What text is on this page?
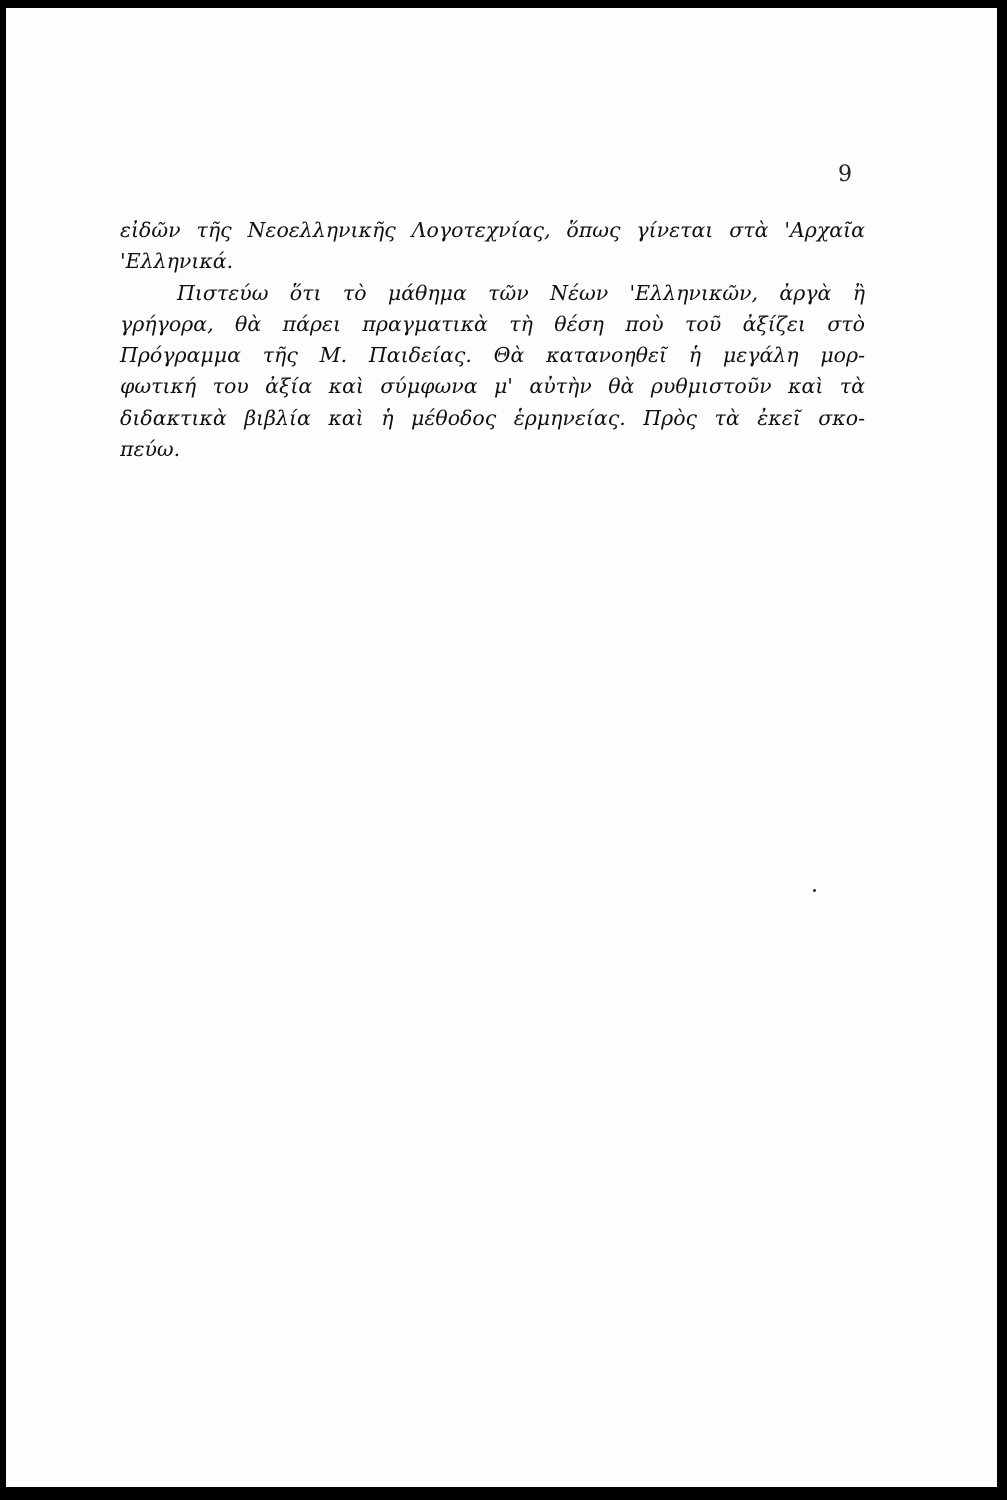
9
εἰδῶν τῆς Νεοελληνικῆς Λογοτεχνίας, ὅπως γίνεται στὰ 'Αρχαῖα
'Ελληνικά.
Πιστεύω ὅτι τὸ μάθημα τῶν Νέων 'Ελληνικῶν, ἀργὰ ἢ
γρήγορα, θὰ πάρει πραγματικὰ τὴ θέση ποὺ τοῦ ἀξίζει στὸ
Πρόγραμμα τῆς Μ. Παιδείας. Θὰ κατανοηθεῖ ἡ μεγάλη μορ-
φωτική του ἀξία καὶ σύμφωνα μ' αὐτὴν θὰ ρυθμιστοῦν καὶ τὰ
διδακτικὰ βιβλία καὶ ἡ μέθοδος ἑρμηνείας. Πρὸς τὰ ἐκεῖ σκο-
πεύω.
